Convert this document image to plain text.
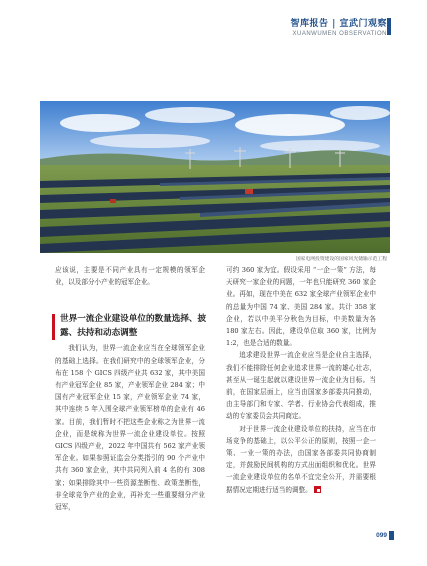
智库报告 | 宣武门观察
XUANWUMEN OBSERVATION
国家电网投资建设的国家风光储输示范工程

应该说，主要是不同产业具有一定规模的领军企业，以及部分小产业的冠军企业。

我们认为，世界一流企业应当在全球领军企业的基础上选择。在我们研究中的全球领军企业，分布在 158 个 GICS 四级产业共 632 家，其中美国有产业冠军企业 85 家，产业领军企业 284 家；中国有产业冠军企业 15 家，产业领军企业 74 家，其中连续 5 年入围全球产业领军榜单的企业有 46 家。目前，我们暂时不把这些企业称之为世界一流企业，而是统称为世界一流企业建设单位。按照 GICS 四级产业，2022 年中国共有 562 家产业领军企业。如果参照证监会分类指引的 90 个产业中共有 360 家企业，其中共同列入前 4 名的有 308 家；如果排除其中一些资源垄断性、政策垄断性，非全球竞争产业的企业，再补充一些重要细分产业冠军，

世界一流企业建设单位的数量选择、披露、扶持和动态调整

可约 360 家为宜。假设采用 “一企一策” 方法，每天研究一家企业的问题，一年也只能研究 360 家企业。再如，现在中美在 632 家全球产业领军企业中的总量为中国 74 家、美国 284 家。共计 358 家企业，若以中美平分秋色为目标，中美数量为各 180 家左右。因此，建设单位取 360 家，比例为 1:2，也是合适的数量。

追求建设世界一流企业应当是企业自主选择，我们不能排除任何企业追求世界一流的雄心壮志，甚至从一诞生起就以建设世界一流企业为目标。当前，在国家层面上，应当由国家多部委共同推动，由主导部门和专家、学者、行业协会代表组成，推动的专家委员会共同商定。

对于世界一流企业建设单位的扶持，应当在市场竞争的基础上，以公平公正的原则，按照一企一策、一业一策的办法，由国家各部委共同协商制定，并鼓励民间机构的方式出面组织和优化。世界一流企业建设单位的名单不宜完全公开，并需要根据情况定期进行适当的调整。

099
